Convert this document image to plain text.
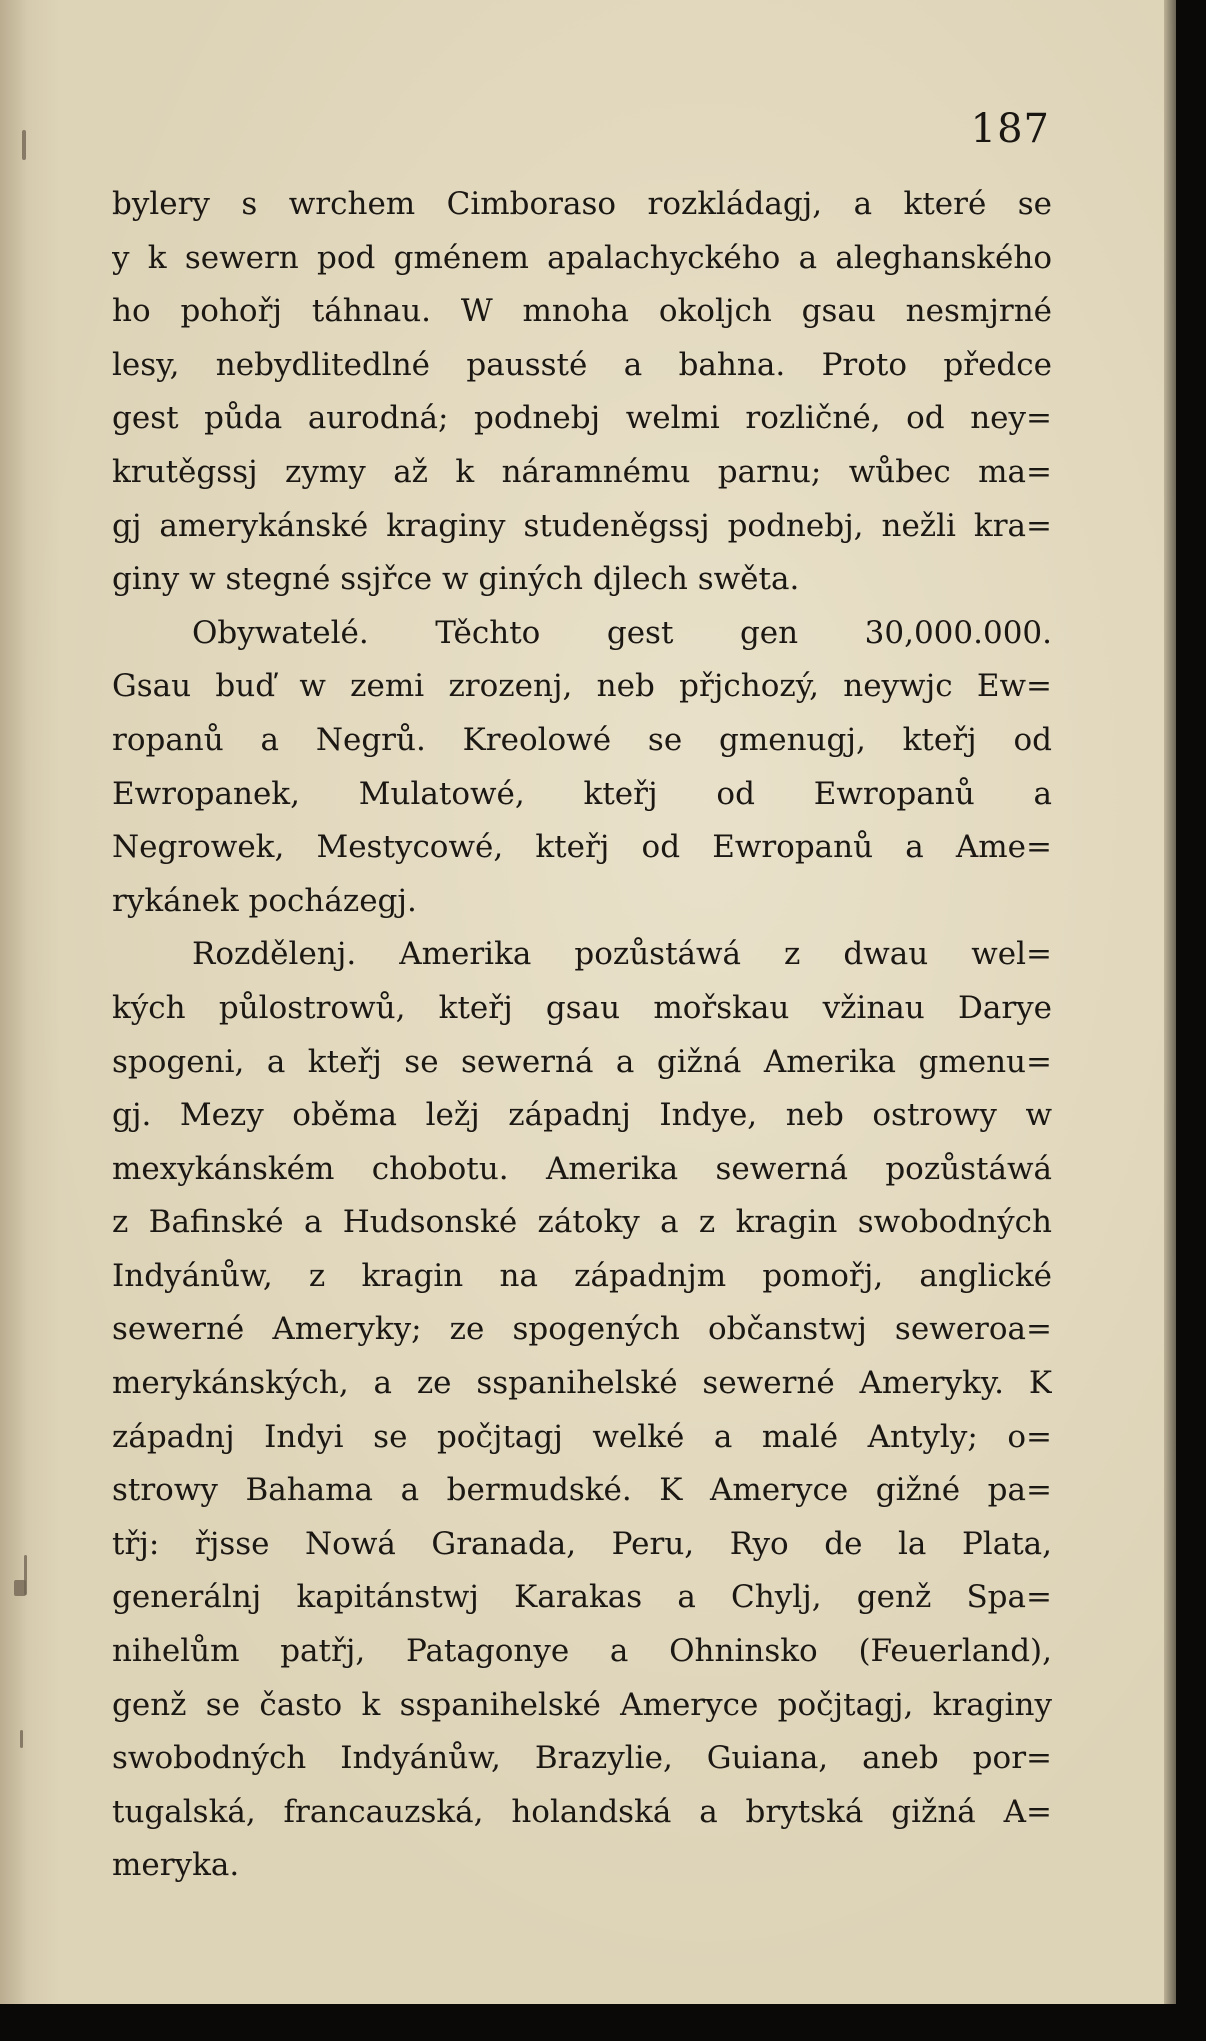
187
bylery s wrchem Cimboraso rozkládagj, a které se
y k sewern pod gménem apalachyckého a aleghanského
ho pohořj táhnau. W mnoha okoljch gsau nesmjrné
lesy, nebydlitedlné paussté a bahna. Proto předce
gest půda aurodná; podnebj welmi rozličné, od ney=
krutěgssj zymy až k náramnému parnu; wůbec ma=
gj amerykánské kraginy studeněgssj podnebj, nežli kra=
giny w stegné ssjřce w giných djlech swěta.
Obywatelé. Těchto gest gen 30,000.000.
Gsau buď w zemi zrozenj, neb přjchozý, neywjc Ew=
ropanů a Negrů. Kreolowé se gmenugj, kteřj od
Ewropanek, Mulatowé, kteřj od Ewropanů a
Negrowek, Mestycowé, kteřj od Ewropanů a Ame=
rykánek pocházegj.
Rozdělenj. Amerika pozůstáwá z dwau wel=
kých půlostrowů, kteřj gsau mořskau vžinau Darye
spogeni, a kteřj se sewerná a gižná Amerika gmenu=
gj. Mezy oběma ležj západnj Indye, neb ostrowy w
mexykánském chobotu. Amerika sewerná pozůstáwá
z Bafinské a Hudsonské zátoky a z kragin swobodných
Indyánůw, z kragin na západnjm pomořj, anglické
sewerné Ameryky; ze spogených občanstwj seweroa=
merykánských, a ze sspanihelské sewerné Ameryky. K
západnj Indyi se počjtagj welké a malé Antyly; o=
strowy Bahama a bermudské. K Ameryce gižné pa=
třj: řjsse Nowá Granada, Peru, Ryo de la Plata,
generálnj kapitánstwj Karakas a Chylj, genž Spa=
nihelům patřj, Patagonye a Ohninsko (Feuerland),
genž se často k sspanihelské Ameryce počjtagj, kraginy
swobodných Indyánůw, Brazylie, Guiana, aneb por=
tugalská, francauzská, holandská a brytská gižná A=
meryka.
